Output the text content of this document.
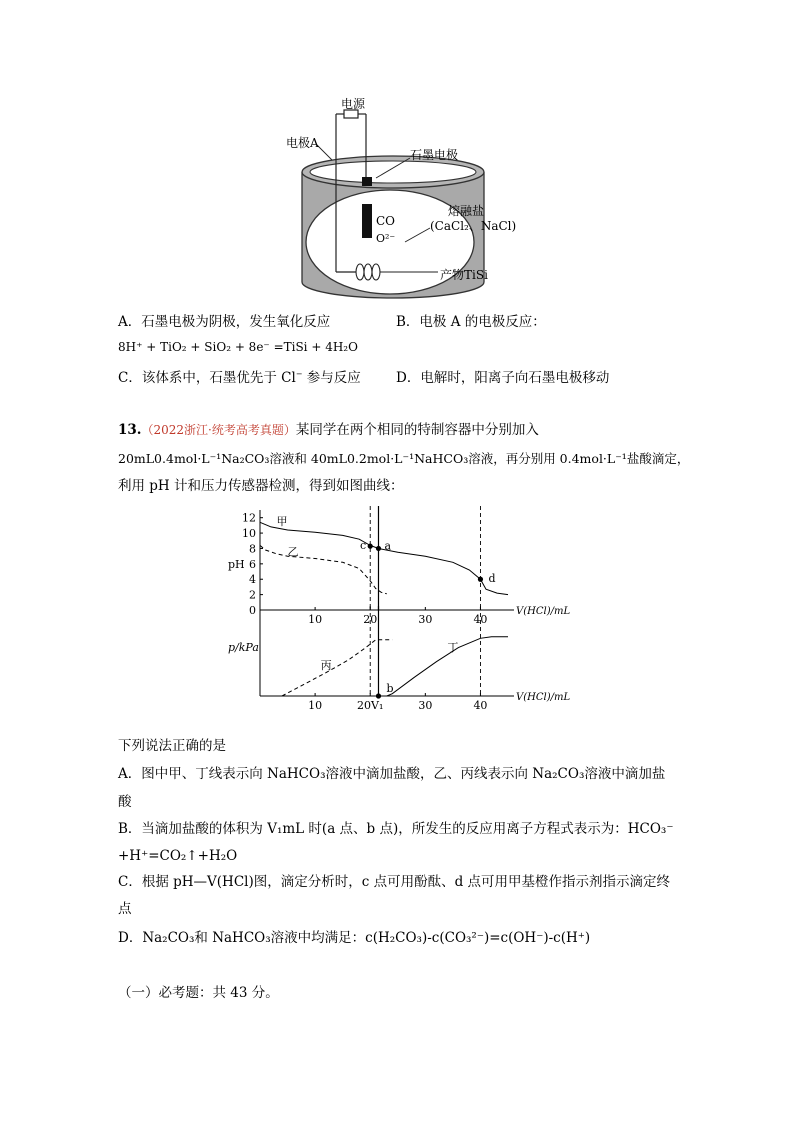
电源
电极A
石墨电极
熔融盐
(CaCl₂、NaCl)
CO
O²⁻
产物TiSi
A．石墨电极为阴极，发生氧化反应	B．电极 A 的电极反应：
8H⁺ + TiO₂ + SiO₂ + 8e⁻ =TiSi + 4H₂O
C．该体系中，石墨优先于 Cl− 参与反应	D．电解时，阳离子向石墨电极移动
13.（2022浙江·统考高考真题）某同学在两个相同的特制容器中分别加入
20mL0.4mol·L⁻¹Na₂CO₃溶液和 40mL0.2mol·L⁻¹NaHCO₃溶液，再分别用 0.4mol·L⁻¹盐酸滴定，
利用 pH 计和压力传感器检测，得到如图曲线：
10	20	30	40
0
2
4
6
8
10
12
V(HCl)/mL
pH
甲
乙	c a
d
10	20V₁	30	40
V(HCl)/mL
p/kPa
丙
丁
b
下列说法正确的是
A．图中甲、丁线表示向 NaHCO₃溶液中滴加盐酸，乙、丙线表示向 Na₂CO₃溶液中滴加盐
酸
B．当滴加盐酸的体积为 V₁mL 时(a 点、b 点)，所发生的反应用离子方程式表示为：HCO₃⁻
+H⁺=CO₂↑+H₂O
C．根据 pH—V(HCl)图，滴定分析时，c 点可用酚酞、d 点可用甲基橙作指示剂指示滴定终
点
D．Na₂CO₃和 NaHCO₃溶液中均满足：c(H₂CO₃)-c(CO₃²⁻)=c(OH⁻)-c(H⁺)
（一）必考题：共 43 分。
